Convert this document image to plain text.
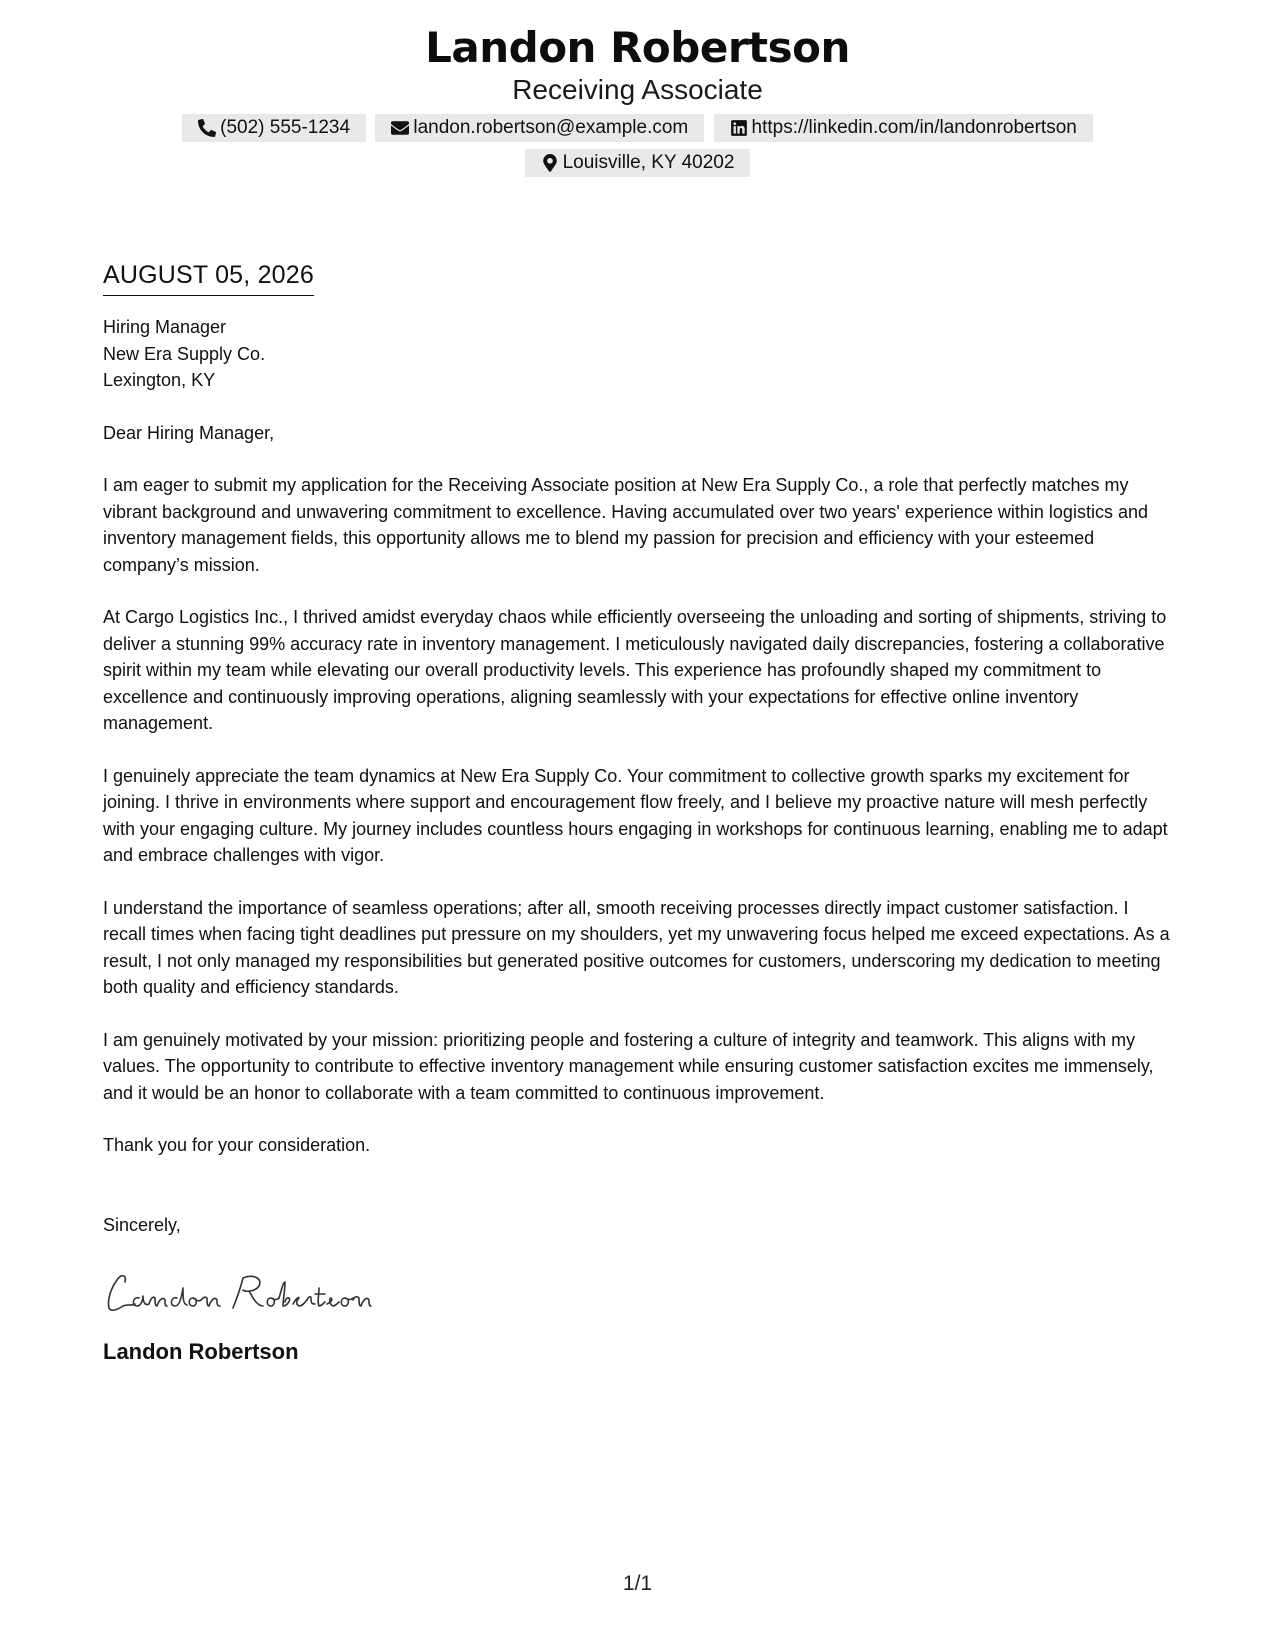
Landon Robertson
Receiving Associate
(502) 555-1234
	landon.robertson@example.com
	https://linkedin.com/in/landonrobertson
Louisville, KY 40202
AUGUST 05, 2026
Hiring Manager
New Era Supply Co.
Lexington, KY
Dear Hiring Manager,
I am eager to submit my application for the Receiving Associate position at New Era Supply Co., a role that perfectly matches my vibrant background and unwavering commitment to excellence. Having accumulated over two years' experience within logistics and inventory management fields, this opportunity allows me to blend my passion for precision and efficiency with your esteemed company’s mission.
At Cargo Logistics Inc., I thrived amidst everyday chaos while efficiently overseeing the unloading and sorting of shipments, striving to deliver a stunning 99% accuracy rate in inventory management. I meticulously navigated daily discrepancies, fostering a collaborative spirit within my team while elevating our overall productivity levels. This experience has profoundly shaped my commitment to excellence and continuously improving operations, aligning seamlessly with your expectations for effective online inventory management.
I genuinely appreciate the team dynamics at New Era Supply Co. Your commitment to collective growth sparks my excitement for joining. I thrive in environments where support and encouragement flow freely, and I believe my proactive nature will mesh perfectly with your engaging culture. My journey includes countless hours engaging in workshops for continuous learning, enabling me to adapt and embrace challenges with vigor.
I understand the importance of seamless operations; after all, smooth receiving processes directly impact customer satisfaction. I recall times when facing tight deadlines put pressure on my shoulders, yet my unwavering focus helped me exceed expectations. As a result, I not only managed my responsibilities but generated positive outcomes for customers, underscoring my dedication to meeting both quality and efficiency standards.
I am genuinely motivated by your mission: prioritizing people and fostering a culture of integrity and teamwork. This aligns with my values. The opportunity to contribute to effective inventory management while ensuring customer satisfaction excites me immensely, and it would be an honor to collaborate with a team committed to continuous improvement.
Thank you for your consideration.
Sincerely,
Landon Robertson
1/1
